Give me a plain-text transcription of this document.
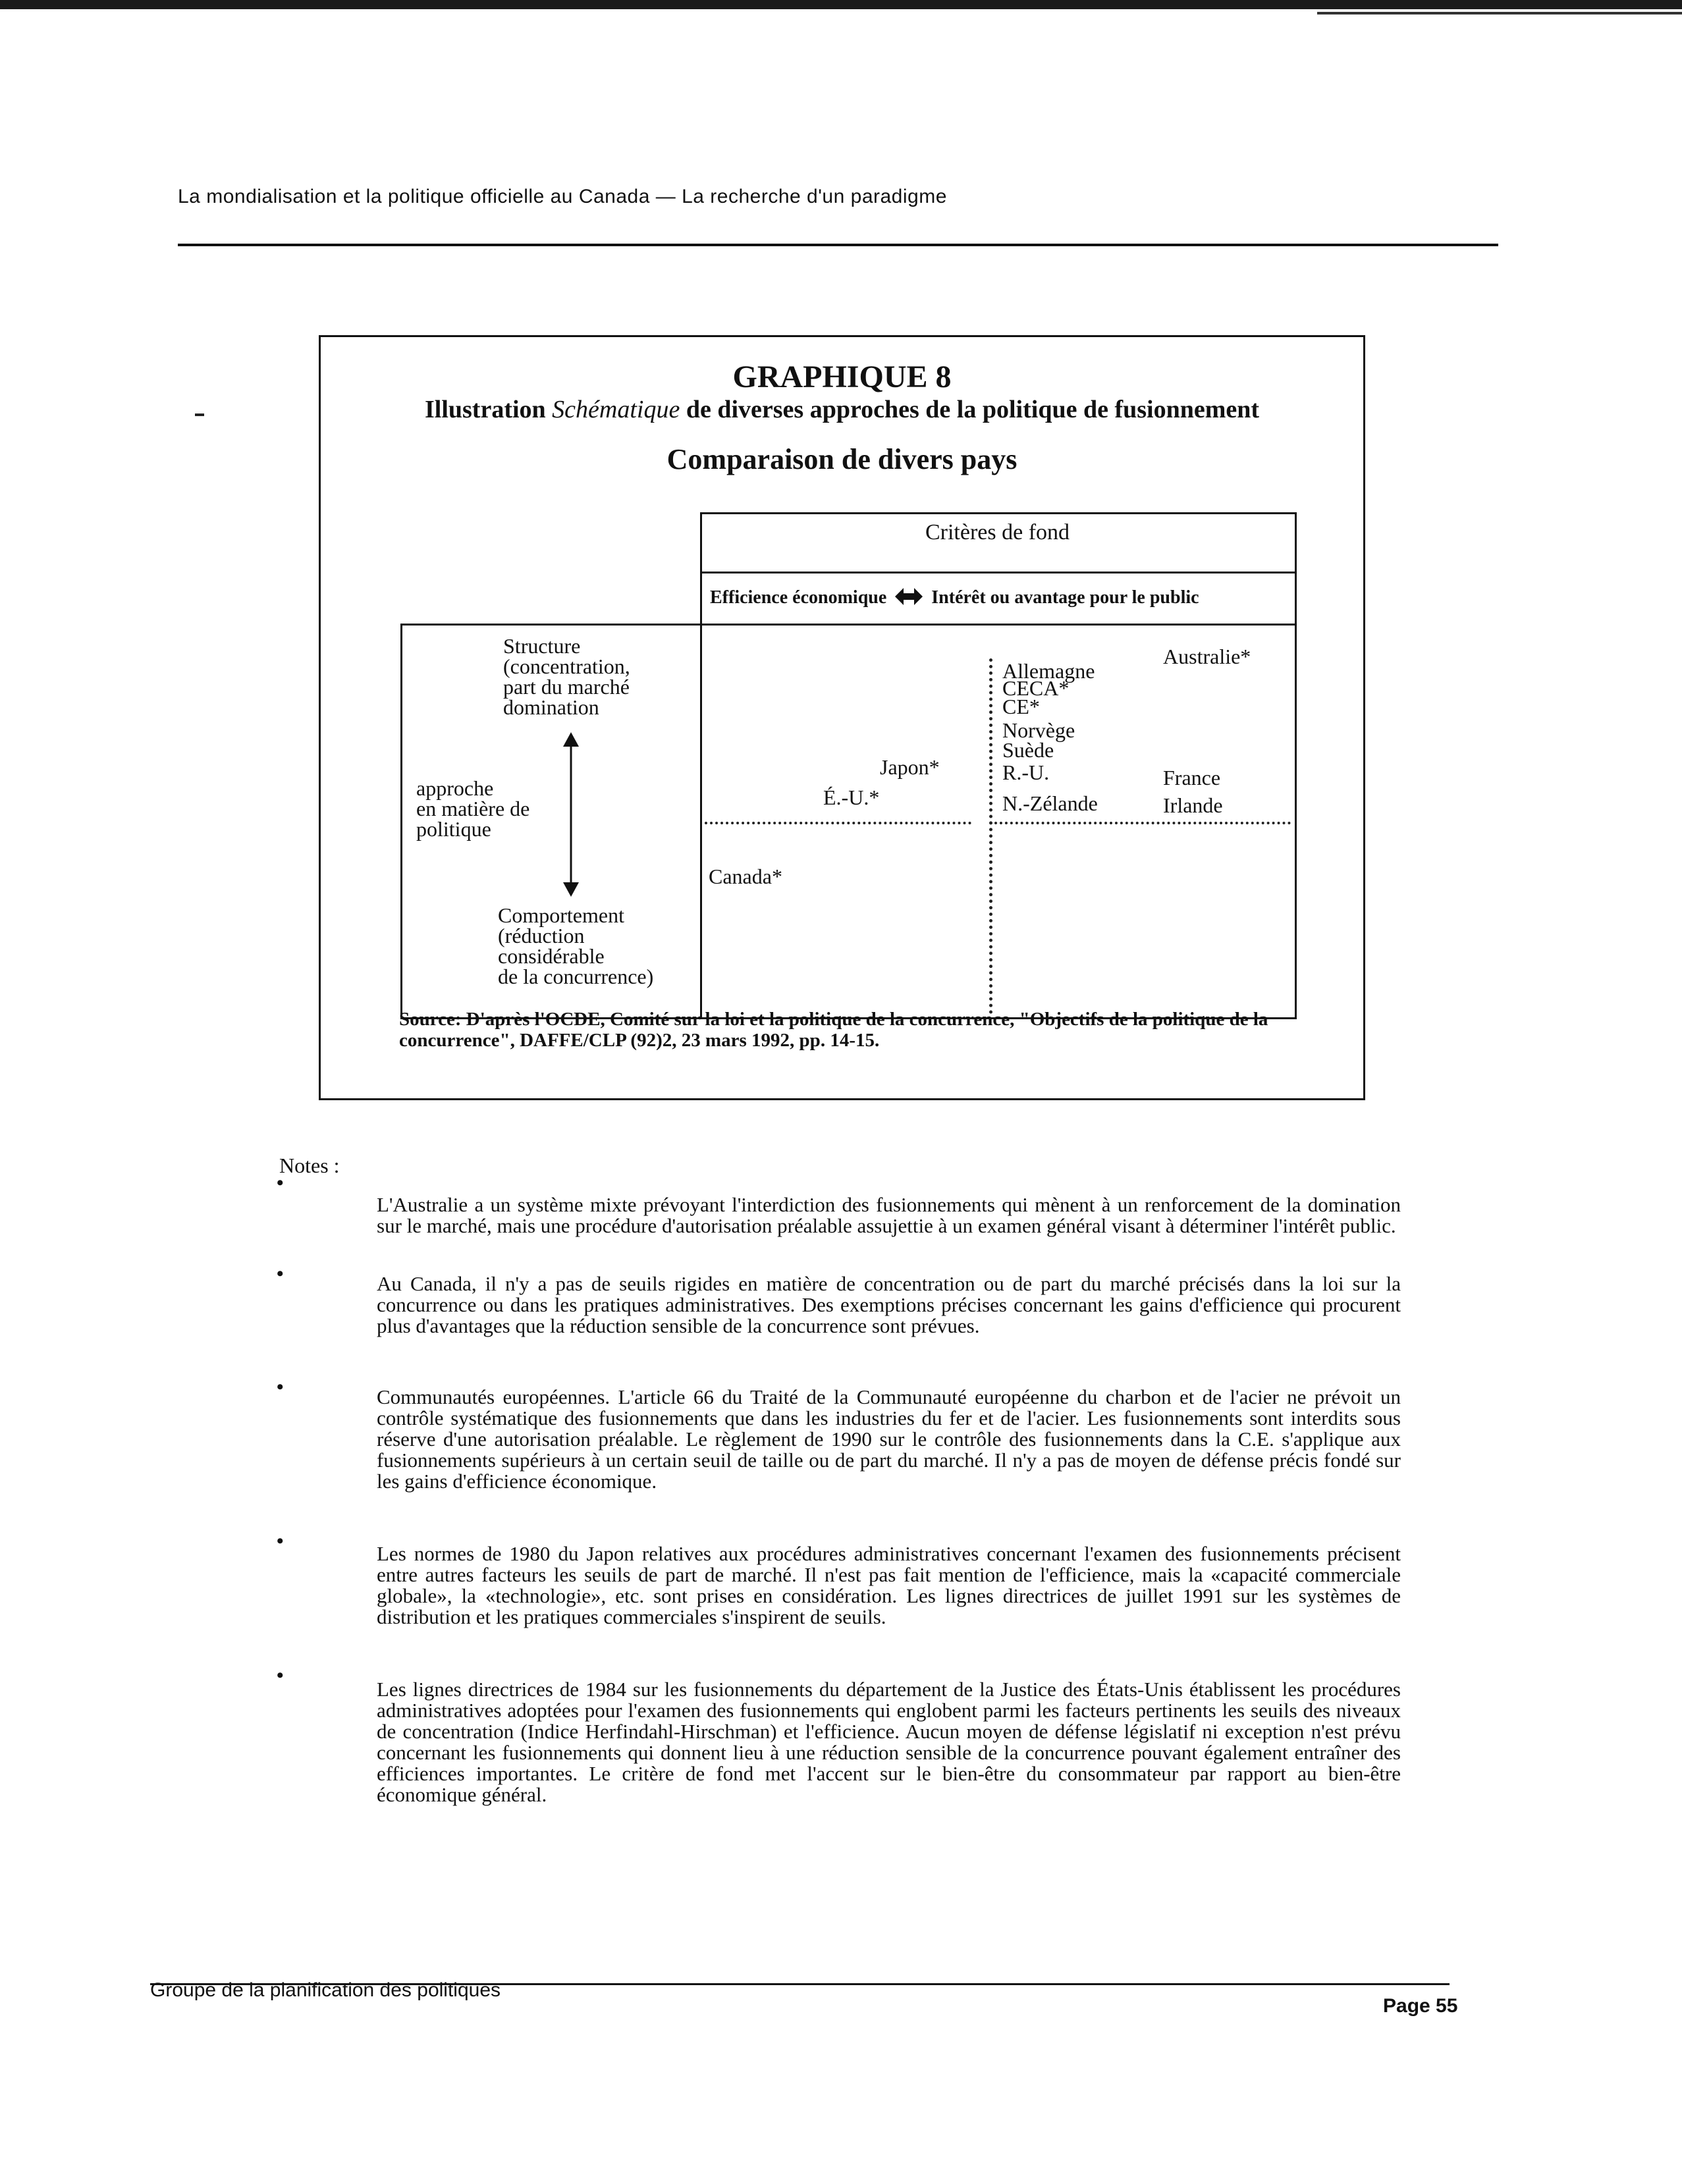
La mondialisation et la politique officielle au Canada — La recherche d'un paradigme
GRAPHIQUE 8
Illustration Schématique de diverses approches de la politique de fusionnement
Comparaison de divers pays
Critères de fond
Efficience économique Intérêt ou avantage pour le public
Structure
(concentration,
part du marché
domination
approche
en matière de
politique
Comportement
(réduction
considérable
de la concurrence)
Japon*
É.-U.*
Canada*
Allemagne
CECA*
CE*
Norvège
Suède
R.-U.
N.-Zélande
Australie*
France
Irlande
Source: D'après l'OCDE, Comité sur la loi et la politique de la concurrence, "Objectifs de la politique de la concurrence", DAFFE/CLP (92)2, 23 mars 1992, pp. 14-15.
Notes :
•
L'Australie a un système mixte prévoyant l'interdiction des fusionnements qui mènent à un renforcement de la domination sur le marché, mais une procédure d'autorisation préalable assujettie à un examen général visant à déterminer l'intérêt public.
•	Au Canada, il n'y a pas de seuils rigides en matière de concentration ou de part du marché précisés dans la loi sur la concurrence ou dans les pratiques administratives. Des exemptions précises concernant les gains d'efficience qui procurent plus d'avantages que la réduction sensible de la concurrence sont prévues.
•	Communautés européennes. L'article 66 du Traité de la Communauté européenne du charbon et de l'acier ne prévoit un contrôle systématique des fusionnements que dans les industries du fer et de l'acier. Les fusionnements sont interdits sous réserve d'une autorisation préalable. Le règlement de 1990 sur le contrôle des fusionnements dans la C.E. s'applique aux fusionnements supérieurs à un certain seuil de taille ou de part du marché. Il n'y a pas de moyen de défense précis fondé sur les gains d'efficience économique.
•
Les normes de 1980 du Japon relatives aux procédures administratives concernant l'examen des fusionnements précisent entre autres facteurs les seuils de part de marché. Il n'est pas fait mention de l'efficience, mais la «capacité commerciale globale», la «technologie», etc. sont prises en considération. Les lignes directrices de juillet 1991 sur les systèmes de distribution et les pratiques commerciales s'inspirent de seuils.
•
Les lignes directrices de 1984 sur les fusionnements du département de la Justice des États-Unis établissent les procédures administratives adoptées pour l'examen des fusionnements qui englobent parmi les facteurs pertinents les seuils des niveaux de concentration (Indice Herfindahl-Hirschman) et l'efficience. Aucun moyen de défense législatif ni exception n'est prévu concernant les fusionnements qui donnent lieu à une réduction sensible de la concurrence pouvant également entraîner des efficiences importantes. Le critère de fond met l'accent sur le bien-être du consommateur par rapport au bien-être économique général.
Groupe de la planification des politiques
Page 55
